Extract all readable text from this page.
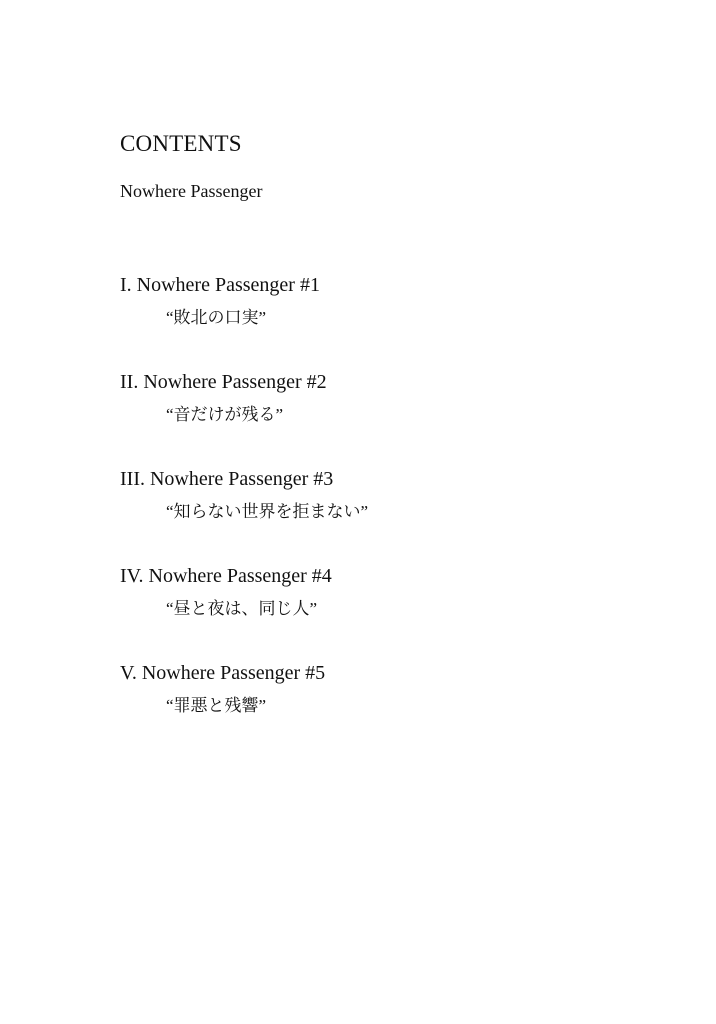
CONTENTS
Nowhere Passenger
I. Nowhere Passenger #1
“敗北の口実”
II. Nowhere Passenger #2
“音だけが残る”
III. Nowhere Passenger #3
“知らない世界を拒まない”
IV. Nowhere Passenger #4
“昼と夜は、同じ人”
V. Nowhere Passenger #5
“罪悪と残響”
